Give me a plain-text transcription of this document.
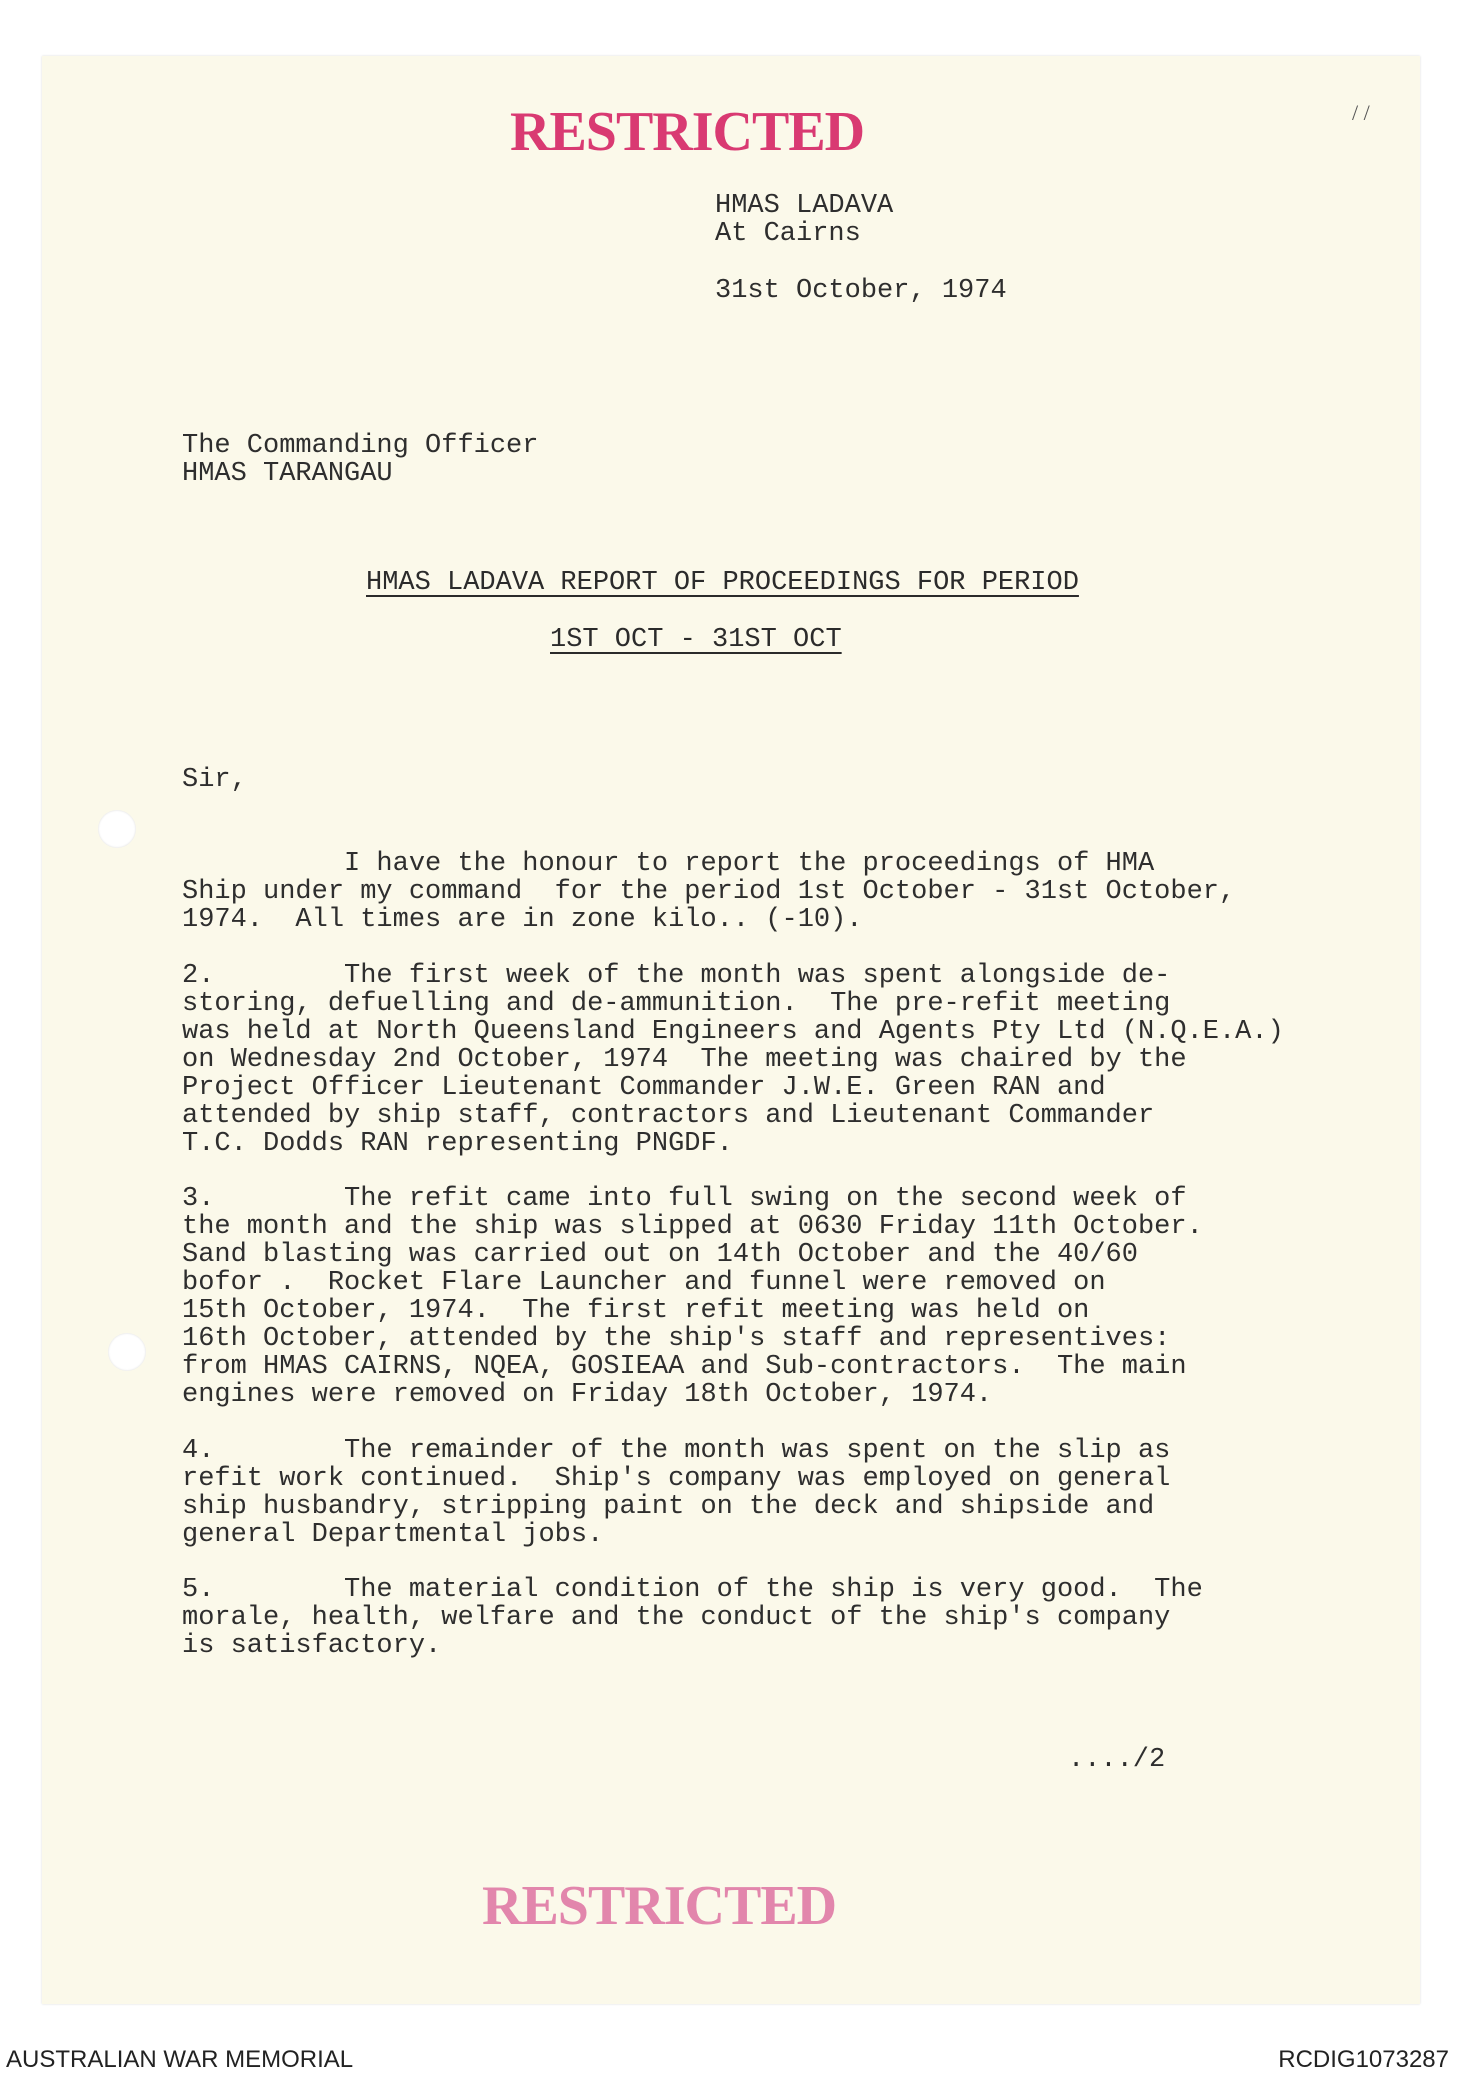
RESTRICTED	/ /
HMAS LADAVA
At Cairns
31st October, 1974
The Commanding Officer
HMAS TARANGAU
HMAS LADAVA REPORT OF PROCEEDINGS FOR PERIOD
1ST OCT - 31ST OCT
Sir,
I have the honour to report the proceedings of HMA
Ship under my command  for the period 1st October - 31st October,
1974.  All times are in zone kilo.. (-10).
2.        The first week of the month was spent alongside de-
storing, defuelling and de-ammunition.  The pre-refit meeting
was held at North Queensland Engineers and Agents Pty Ltd (N.Q.E.A.)
on Wednesday 2nd October, 1974  The meeting was chaired by the
Project Officer Lieutenant Commander J.W.E. Green RAN and
attended by ship staff, contractors and Lieutenant Commander
T.C. Dodds RAN representing PNGDF.
3.        The refit came into full swing on the second week of
the month and the ship was slipped at 0630 Friday 11th October.
Sand blasting was carried out on 14th October and the 40/60
bofor .  Rocket Flare Launcher and funnel were removed on
15th October, 1974.  The first refit meeting was held on
16th October, attended by the ship's staff and representives:
from HMAS CAIRNS, NQEA, GOSIEAA and Sub-contractors.  The main
engines were removed on Friday 18th October, 1974.
4.        The remainder of the month was spent on the slip as
refit work continued.  Ship's company was employed on general
ship husbandry, stripping paint on the deck and shipside and
general Departmental jobs.
5.        The material condition of the ship is very good.  The
morale, health, welfare and the conduct of the ship's company
is satisfactory.
..../2
RESTRICTED
AUSTRALIAN WAR MEMORIAL	RCDIG1073287
